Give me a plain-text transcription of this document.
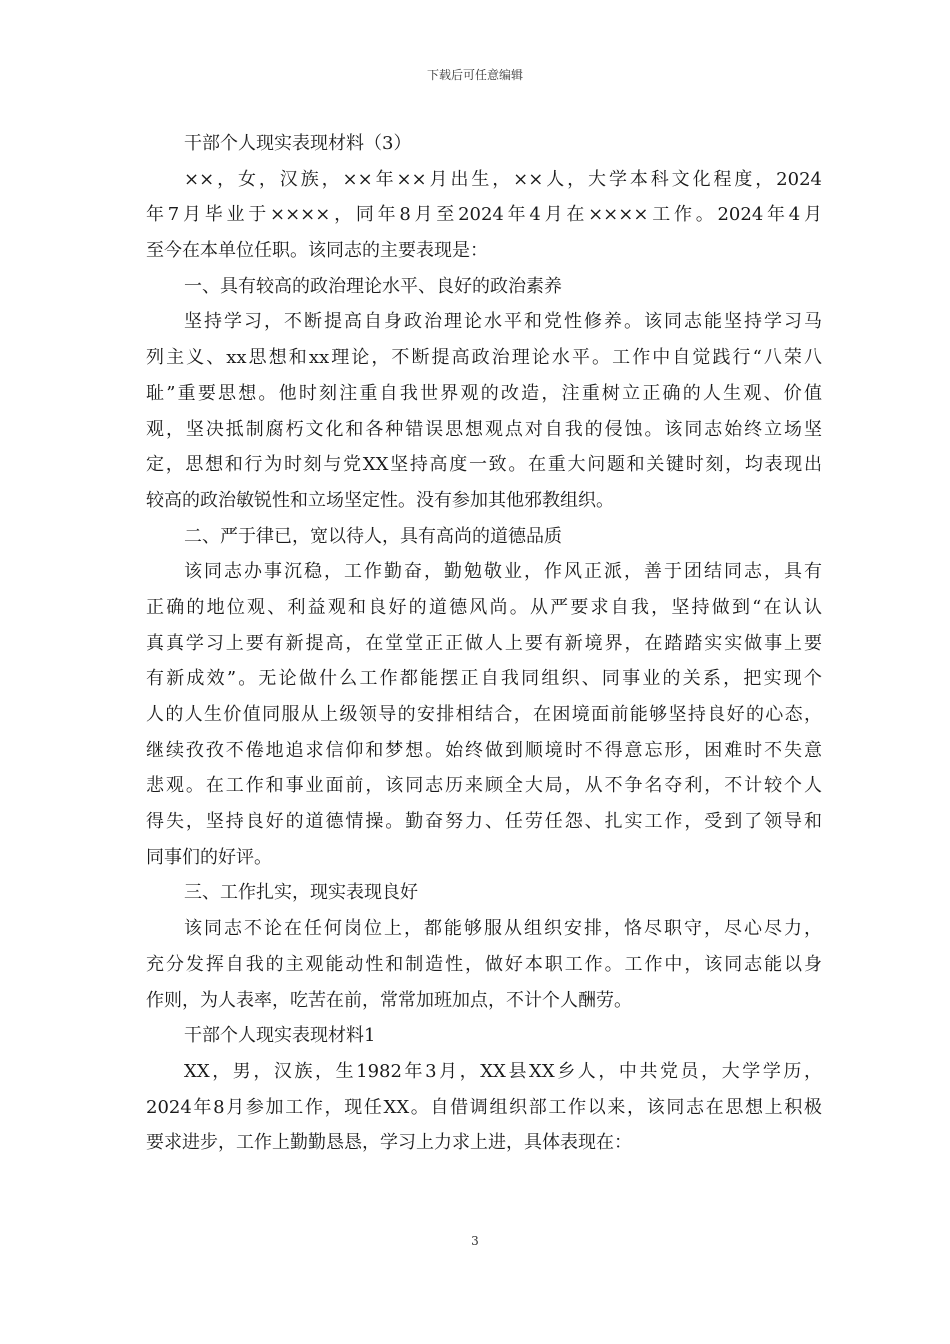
下载后可任意编辑
干部个人现实表现材料（3）
××，女，汉族，××年××月出生，××人，大学本科文化程度，2024
年7月毕业于××××，同年8月至2024年4月在××××工作。2024年4月
至今在本单位任职。该同志的主要表现是：
一、具有较高的政治理论水平、良好的政治素养
坚持学习，不断提高自身政治理论水平和党性修养。该同志能坚持学习马
列主义、xx思想和xx理论，不断提高政治理论水平。工作中自觉践行“八荣八
耻”重要思想。他时刻注重自我世界观的改造，注重树立正确的人生观、价值
观，坚决抵制腐朽文化和各种错误思想观点对自我的侵蚀。该同志始终立场坚
定，思想和行为时刻与党XX坚持高度一致。在重大问题和关键时刻，均表现出
较高的政治敏锐性和立场坚定性。没有参加其他邪教组织。
二、严于律已，宽以待人，具有高尚的道德品质
该同志办事沉稳，工作勤奋，勤勉敬业，作风正派，善于团结同志，具有
正确的地位观、利益观和良好的道德风尚。从严要求自我，坚持做到“在认认
真真学习上要有新提高，在堂堂正正做人上要有新境界，在踏踏实实做事上要
有新成效”。无论做什么工作都能摆正自我同组织、同事业的关系，把实现个
人的人生价值同服从上级领导的安排相结合，在困境面前能够坚持良好的心态，
继续孜孜不倦地追求信仰和梦想。始终做到顺境时不得意忘形，困难时不失意
悲观。在工作和事业面前，该同志历来顾全大局，从不争名夺利，不计较个人
得失，坚持良好的道德情操。勤奋努力、任劳任怨、扎实工作，受到了领导和
同事们的好评。
三、工作扎实，现实表现良好
该同志不论在任何岗位上，都能够服从组织安排，恪尽职守，尽心尽力，
充分发挥自我的主观能动性和制造性，做好本职工作。工作中，该同志能以身
作则，为人表率，吃苦在前，常常加班加点，不计个人酬劳。
干部个人现实表现材料1
XX，男，汉族，生1982年3月，XX县XX乡人，中共党员，大学学历，
2024年8月参加工作，现任XX。自借调组织部工作以来，该同志在思想上积极
要求进步，工作上勤勤恳恳，学习上力求上进，具体表现在：
3
